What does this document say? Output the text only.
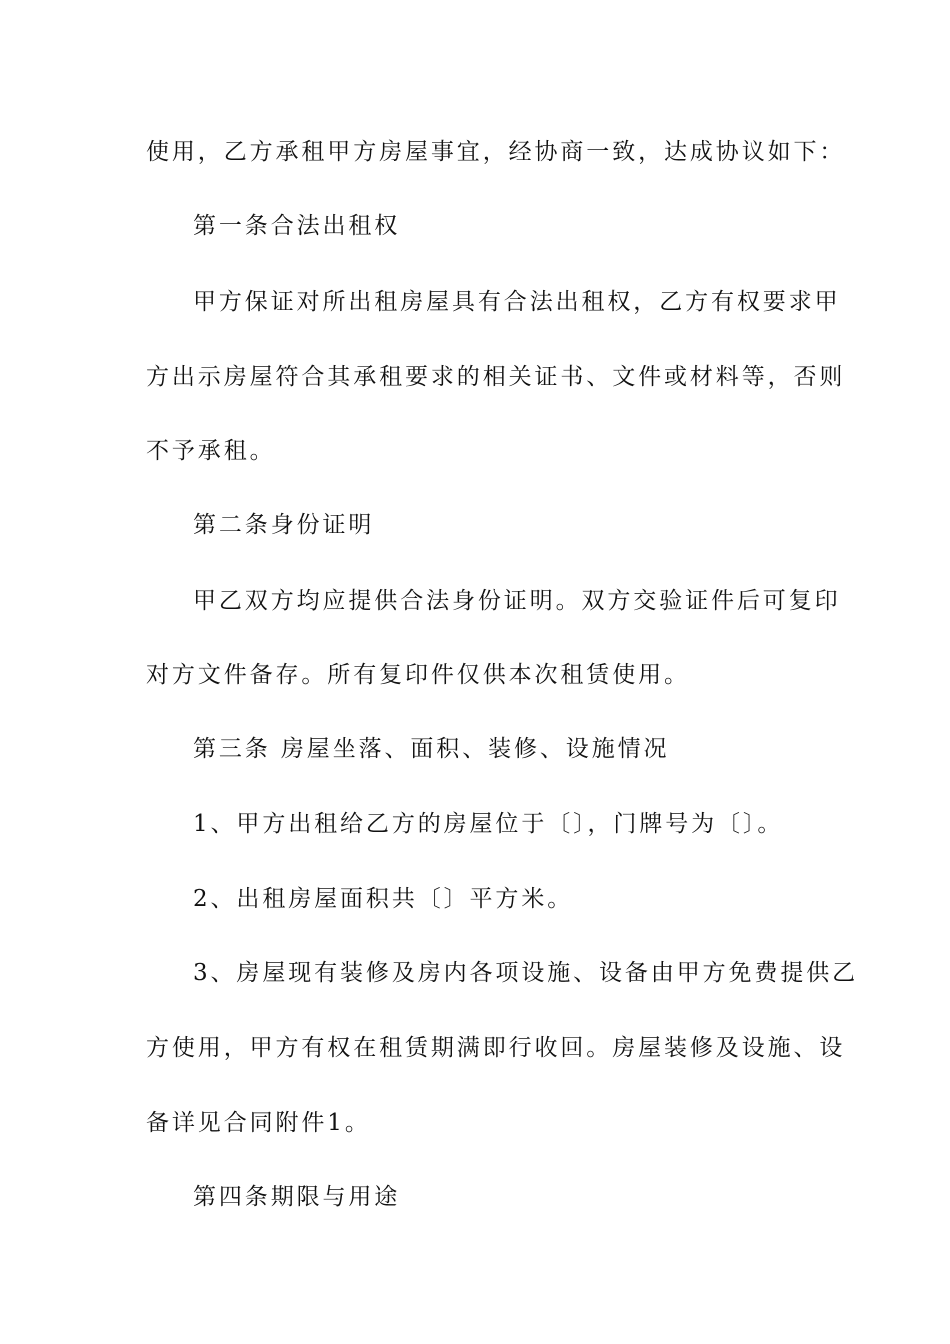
使用，乙方承租甲方房屋事宜，经协商一致，达成协议如下：
第一条合法出租权
甲方保证对所出租房屋具有合法出租权，乙方有权要求甲
方出示房屋符合其承租要求的相关证书、文件或材料等，否则
不予承租。
第二条身份证明
甲乙双方均应提供合法身份证明。双方交验证件后可复印
对方文件备存。所有复印件仅供本次租赁使用。
第三条 房屋坐落、面积、装修、设施情况
1、甲方出租给乙方的房屋位于〔〕，门牌号为〔〕。
2、出租房屋面积共〔〕平方米。
3、房屋现有装修及房内各项设施、设备由甲方免费提供乙
方使用，甲方有权在租赁期满即行收回。房屋装修及设施、设
备详见合同附件1。
第四条期限与用途
